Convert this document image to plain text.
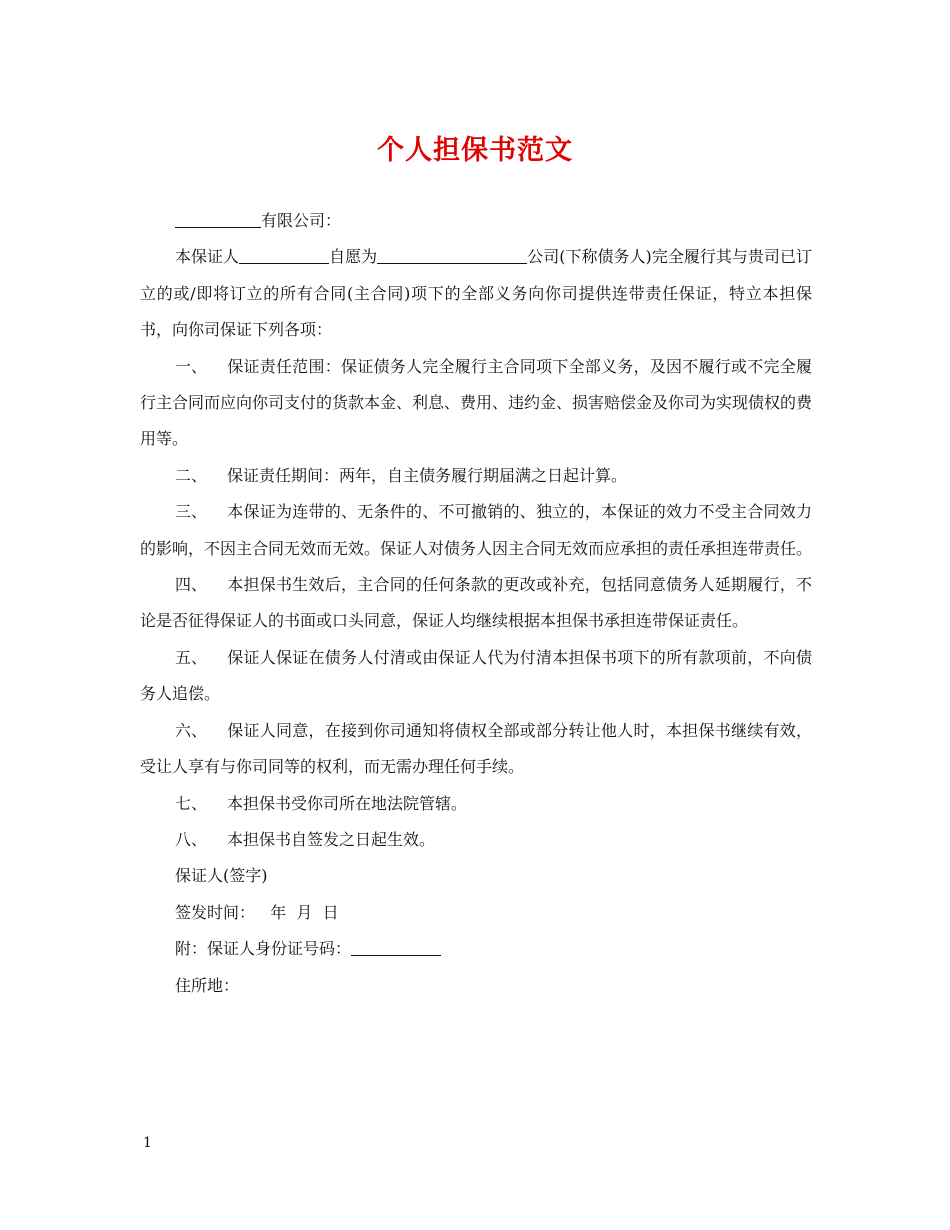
个人担保书范文

有限公司：

本保证人	自愿为	公司(下称债务人)完全履行其与贵司已订立的或/即将订立的所有合同(主合同)项下的全部义务向你司提供连带责任保证，特立本担保书，向你司保证下列各项：

一、 保证责任范围：保证债务人完全履行主合同项下全部义务，及因不履行或不完全履行主合同而应向你司支付的货款本金、利息、费用、违约金、损害赔偿金及你司为实现债权的费用等。

二、 保证责任期间：两年，自主债务履行期届满之日起计算。

三、 本保证为连带的、无条件的、不可撤销的、独立的，本保证的效力不受主合同效力的影响，不因主合同无效而无效。保证人对债务人因主合同无效而应承担的责任承担连带责任。

四、 本担保书生效后，主合同的任何条款的更改或补充，包括同意债务人延期履行，不论是否征得保证人的书面或口头同意，保证人均继续根据本担保书承担连带保证责任。

五、 保证人保证在债务人付清或由保证人代为付清本担保书项下的所有款项前，不向债务人追偿。

六、 保证人同意，在接到你司通知将债权全部或部分转让他人时，本担保书继续有效，受让人享有与你司同等的权利，而无需办理任何手续。

七、 本担保书受你司所在地法院管辖。

八、 本担保书自签发之日起生效。

保证人(签字)

签发时间：   年  月  日

附：保证人身份证号码：

住所地：

1
